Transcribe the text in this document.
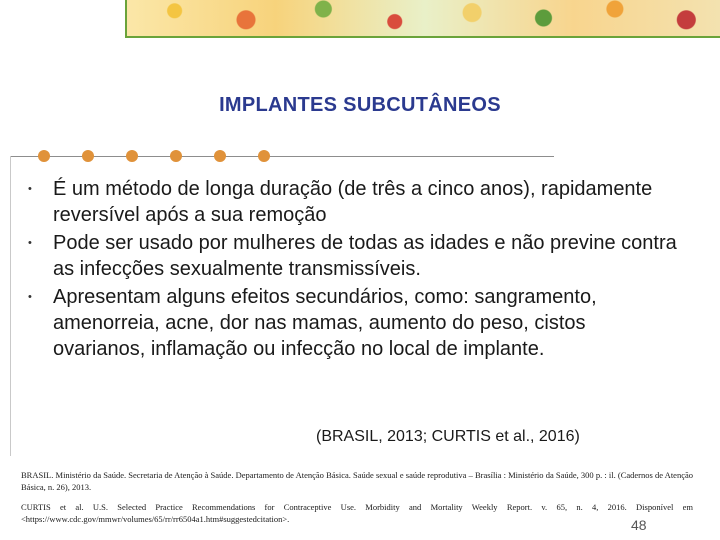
IMPLANTES SUBCUTÂNEOS
• É um método de longa duração (de três a cinco anos), rapidamente reversível após a sua remoção
• Pode ser usado por mulheres de todas as idades e não previne contra as infecções sexualmente transmissíveis.
• Apresentam alguns efeitos secundários, como: sangramento, amenorreia, acne, dor nas mamas, aumento do peso, cistos ovarianos, inflamação ou infecção no local de implante.
(BRASIL, 2013; CURTIS et al., 2016)
BRASIL. Ministério da Saúde. Secretaria de Atenção à Saúde. Departamento de Atenção Básica. Saúde sexual e saúde reprodutiva – Brasília : Ministério da Saúde, 300 p. : il. (Cadernos de Atenção Básica, n. 26), 2013.
CURTIS et al. U.S. Selected Practice Recommendations for Contraceptive Use. Morbidity and Mortality Weekly Report. v. 65, n. 4, 2016. Disponível em <https://www.cdc.gov/mmwr/volumes/65/rr/rr6504a1.htm#suggestedcitation>.	48
